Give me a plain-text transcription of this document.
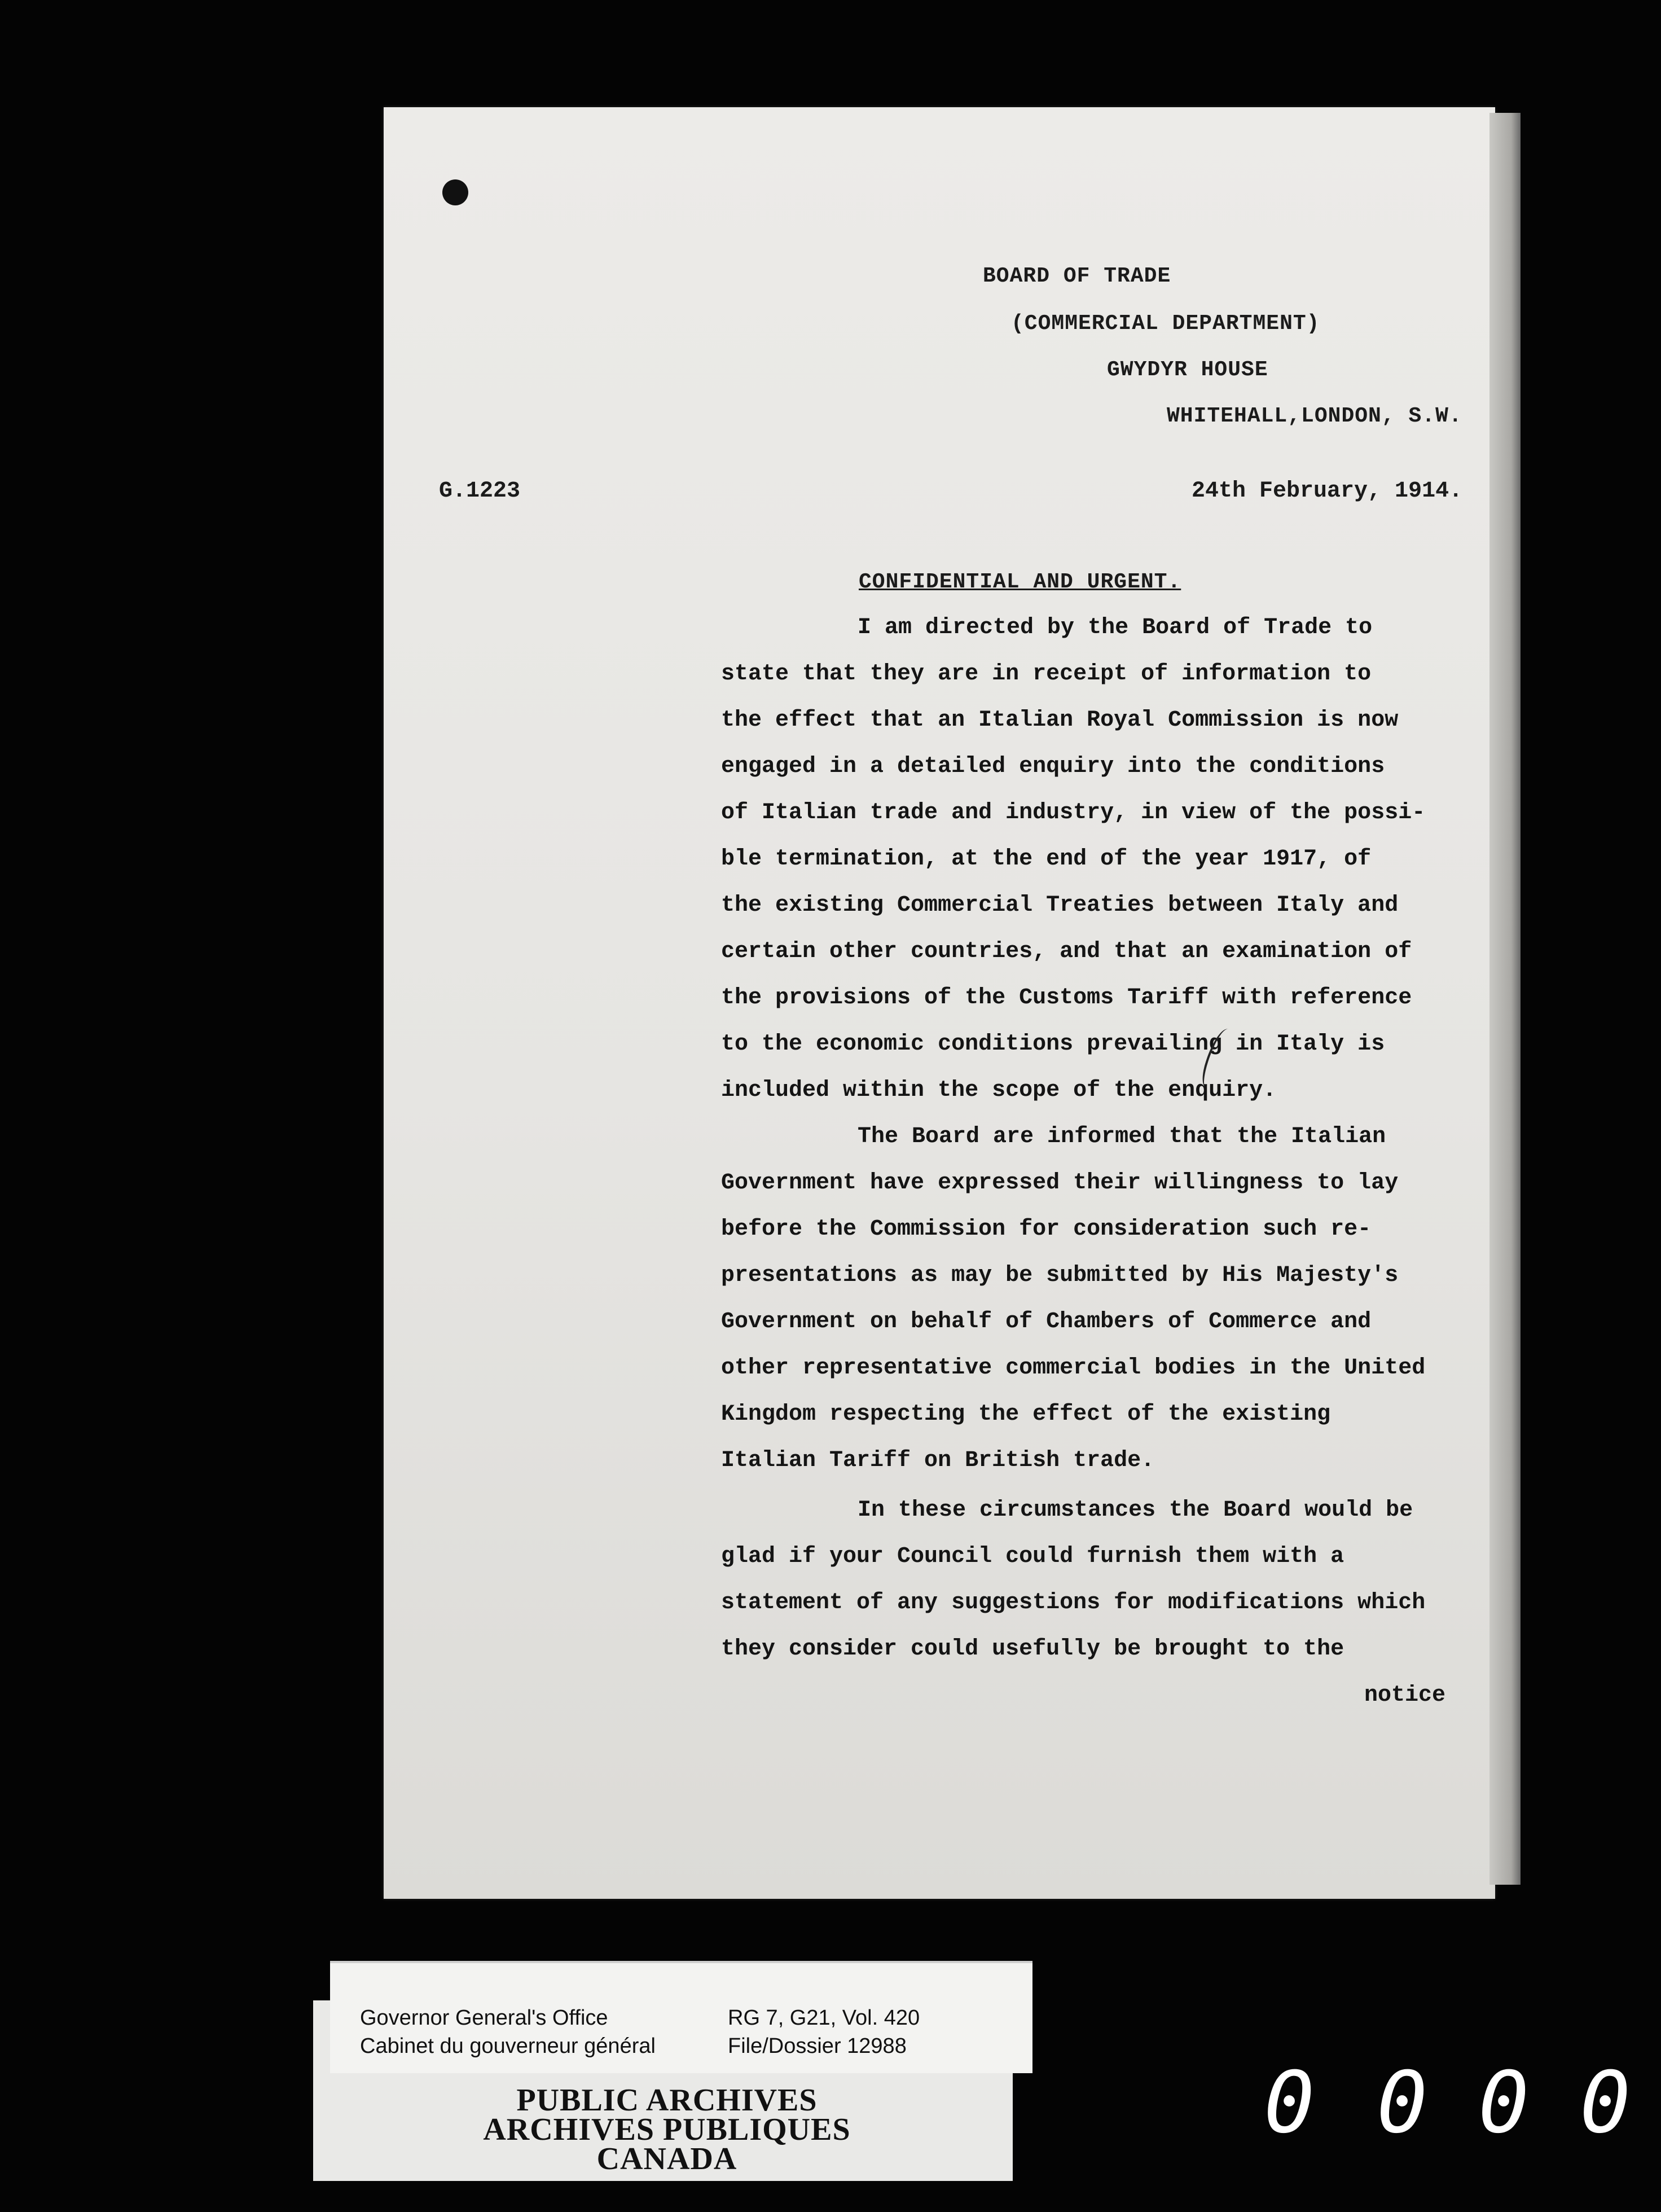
BOARD OF TRADE
(COMMERCIAL DEPARTMENT)
GWYDYR HOUSE
WHITEHALL,LONDON, S.W.
G.1223	24th February, 1914.
CONFIDENTIAL AND URGENT.
I am directed by the Board of Trade to
state that they are in receipt of information to
the effect that an Italian Royal Commission is now
engaged in a detailed enquiry into the conditions
of Italian trade and industry, in view of the possi-
ble termination, at the end of the year 1917, of
the existing Commercial Treaties between Italy and
certain other countries, and that an examination of
the provisions of the Customs Tariff with reference
to the economic conditions prevailing in Italy is
included within the scope of the enquiry.
The Board are informed that the Italian
Government have expressed their willingness to lay
before the Commission for consideration such re-
presentations as may be submitted by His Majesty's
Government on behalf of Chambers of Commerce and
other representative commercial bodies in the United
Kingdom respecting the effect of the existing
Italian Tariff on British trade.
In these circumstances the Board would be
glad if your Council could furnish them with a
statement of any suggestions for modifications which
they consider could usefully be brought to the
notice
Governor General's Office
Cabinet du gouverneur général
RG 7, G21, Vol. 420
File/Dossier 12988
PUBLIC ARCHIVES
ARCHIVES PUBLIQUES
CANADA
0 0 0 0
